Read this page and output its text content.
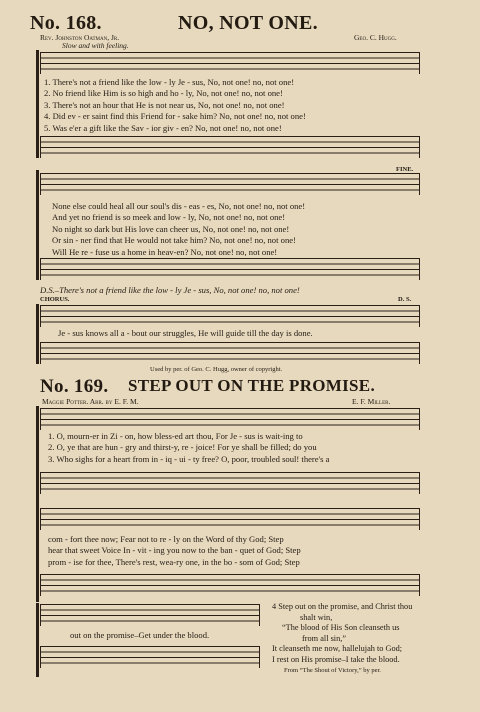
No. 168.	NO, NOT ONE.
Rev. Johnston Oatman, Jr.	Geo. C. Hugg.
Slow and with feeling.
1. There's not a friend like the low - ly Je - sus, No, not one! no, not one!
2. No friend like Him is so high and ho - ly, No, not one! no, not one!
3. There's not an hour that He is not near us, No, not one! no, not one!
4. Did ev - er saint find this Friend for - sake him? No, not one! no, not one!
5. Was e'er a gift like the Sav - ior giv - en? No, not one! no, not one!
FINE.
None else could heal all our soul's dis - eas - es, No, not one! no, not one!
And yet no friend is so meek and low - ly, No, not one! no, not one!
No night so dark but His love can cheer us, No, not one! no, not one!
Or sin - ner find that He would not take him? No, not one! no, not one!
Will He re - fuse us a home in heav-en? No, not one! no, not one!
D.S.–There's not a friend like the low - ly Je - sus, No, not one! no, not one!
CHORUS.	D. S.
Je - sus knows all a - bout our struggles, He will guide till the day is done.
Used by per. of Geo. C. Hugg, owner of copyright.
No. 169. STEP OUT ON THE PROMISE.
Maggie Potter. Arr. by E. F. M.	E. F. Miller.
1. O, mourn-er in Zi - on, how bless-ed art thou, For Je - sus is wait-ing to
2. O, ye that are hun - gry and thirst-y, re - joice! For ye shall be filled; do you
3. Who sighs for a heart from in - iq - ui - ty free? O, poor, troubled soul! there's a
com - fort thee now; Fear not to re - ly on the Word of thy God; Step
hear that sweet Voice In - vit - ing you now to the ban - quet of God; Step
prom - ise for thee, There's rest, wea-ry one, in the bo - som of God; Step
out on the promise–Get under the blood.
4 Step out on the promise, and Christ thou
shalt win,
“The blood of His Son cleanseth us
from all sin,”
It cleanseth me now, hallelujah to God;
I rest on His promise–I take the blood.
From “The Shout of Victory,” by per.
